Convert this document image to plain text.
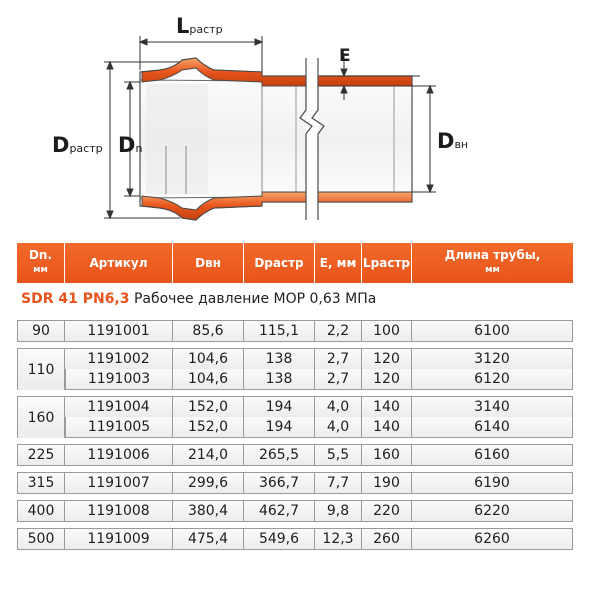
Lрастр
E
Dрастр Dn	Dвн
Dn.
мм	Артикул	Dвн	Dрастр	E, мм	Lрастр	Длина трубы,
мм
SDR 41 PN6,3 Рабочее давление МОР 0,63 МПа						

90	1191001	85,6	115,1	2,2	100	6100

110	1191002	104,6	138	2,7	120	3120
	1191003	104,6	138	2,7	120	6120

160	1191004	152,0	194	4,0	140	3140
	1191005	152,0	194	4,0	140	6140

225	1191006	214,0	265,5	5,5	160	6160

315	1191007	299,6	366,7	7,7	190	6190

400	1191008	380,4	462,7	9,8	220	6220

500	1191009	475,4	549,6	12,3	260	6260
